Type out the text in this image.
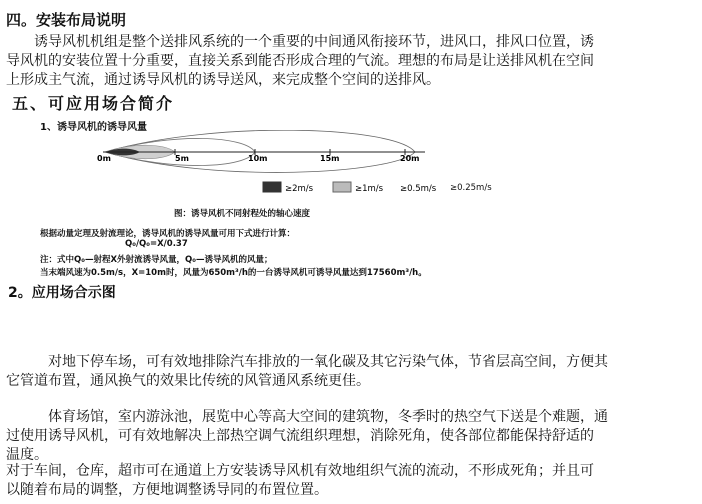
四。安装布局说明
　　诱导风机机组是整个送排风系统的一个重要的中间通风衔接环节，进风口，排风口位置，诱
导风机的安装位置十分重要，直接关系到能否形成合理的气流。理想的布局是让送排风机在空间
上形成主气流，通过诱导风机的诱导送风，来完成整个空间的送排风。
五、可应用场合简介
1、诱导风机的诱导风量
0m	5m	10m	15m	20m
≥2m/s	≥1m/s ≥0.5m/s ≥0.25m/s
图：诱导风机不同射程处的轴心速度
根据动量定理及射流理论，诱导风机的诱导风量可用下式进行计算：
Q₀/Q₀=X/0.37
注：式中Q₀—射程X外射流诱导风量，Q₀—诱导风机的风量；
当末端风速为0.5m/s，X=10m时，风量为650m³/h的一台诱导风机可诱导风量达到17560m³/h。
2。应用场合示图
　　　对地下停车场，可有效地排除汽车排放的一氧化碳及其它污染气体，节省层高空间，方便其
它管道布置，通风换气的效果比传统的风管通风系统更佳。
　　　体育场馆，室内游泳池，展览中心等高大空间的建筑物，冬季时的热空气下送是个难题，通
过使用诱导风机，可有效地解决上部热空调气流组织理想，消除死角，使各部位都能保持舒适的
温度。
对于车间，仓库，超市可在通道上方安装诱导风机有效地组织气流的流动，不形成死角；并且可
以随着布局的调整，方便地调整诱导同的布置位置。
